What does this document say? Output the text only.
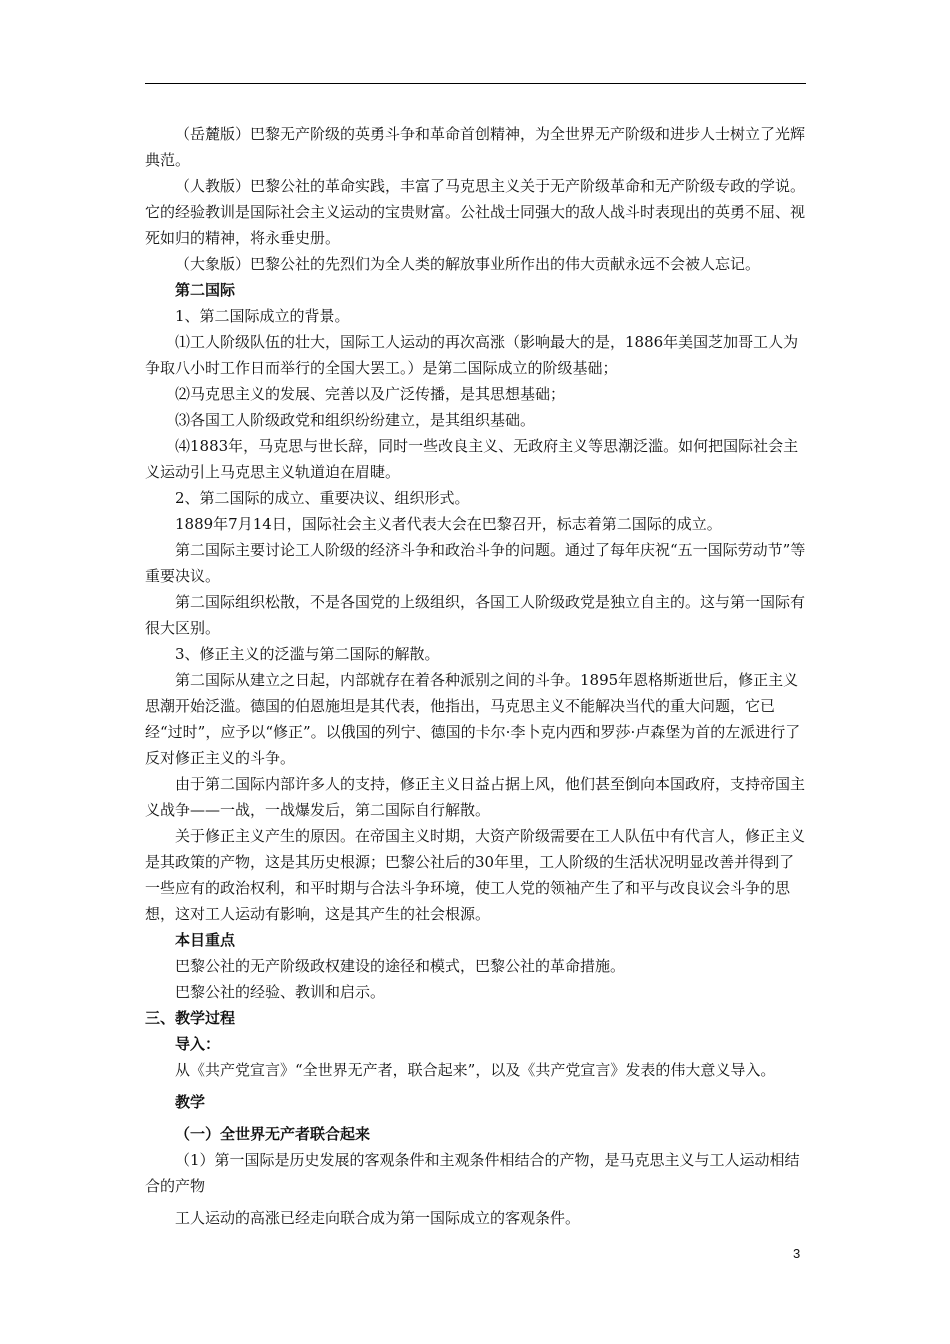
（岳麓版）巴黎无产阶级的英勇斗争和革命首创精神，为全世界无产阶级和进步人士树立了光辉典范。

（人教版）巴黎公社的革命实践，丰富了马克思主义关于无产阶级革命和无产阶级专政的学说。它的经验教训是国际社会主义运动的宝贵财富。公社战士同强大的敌人战斗时表现出的英勇不屈、视死如归的精神，将永垂史册。

（大象版）巴黎公社的先烈们为全人类的解放事业所作出的伟大贡献永远不会被人忘记。

第二国际

1、第二国际成立的背景。

⑴工人阶级队伍的壮大，国际工人运动的再次高涨（影响最大的是，1886年美国芝加哥工人为争取八小时工作日而举行的全国大罢工。）是第二国际成立的阶级基础；

⑵马克思主义的发展、完善以及广泛传播，是其思想基础；

⑶各国工人阶级政党和组织纷纷建立，是其组织基础。

⑷1883年，马克思与世长辞，同时一些改良主义、无政府主义等思潮泛滥。如何把国际社会主义运动引上马克思主义轨道迫在眉睫。

2、第二国际的成立、重要决议、组织形式。

1889年7月14日，国际社会主义者代表大会在巴黎召开，标志着第二国际的成立。

第二国际主要讨论工人阶级的经济斗争和政治斗争的问题。通过了每年庆祝“五一国际劳动节”等重要决议。

第二国际组织松散，不是各国党的上级组织，各国工人阶级政党是独立自主的。这与第一国际有很大区别。

3、修正主义的泛滥与第二国际的解散。

第二国际从建立之日起，内部就存在着各种派别之间的斗争。1895年恩格斯逝世后，修正主义思潮开始泛滥。德国的伯恩施坦是其代表，他指出，马克思主义不能解决当代的重大问题，它已经“过时”，应予以“修正”。以俄国的列宁、德国的卡尔·李卜克内西和罗莎·卢森堡为首的左派进行了反对修正主义的斗争。

由于第二国际内部许多人的支持，修正主义日益占据上风，他们甚至倒向本国政府，支持帝国主义战争——一战，一战爆发后，第二国际自行解散。

关于修正主义产生的原因。在帝国主义时期，大资产阶级需要在工人队伍中有代言人，修正主义是其政策的产物，这是其历史根源；巴黎公社后的30年里，工人阶级的生活状况明显改善并得到了一些应有的政治权利，和平时期与合法斗争环境，使工人党的领袖产生了和平与改良议会斗争的思想，这对工人运动有影响，这是其产生的社会根源。

本目重点

巴黎公社的无产阶级政权建设的途径和模式，巴黎公社的革命措施。

巴黎公社的经验、教训和启示。

三、教学过程

导入：

从《共产党宣言》“全世界无产者，联合起来”，以及《共产党宣言》发表的伟大意义导入。

教学

（一）全世界无产者联合起来

（1）第一国际是历史发展的客观条件和主观条件相结合的产物，是马克思主义与工人运动相结合的产物

工人运动的高涨已经走向联合成为第一国际成立的客观条件。

3
